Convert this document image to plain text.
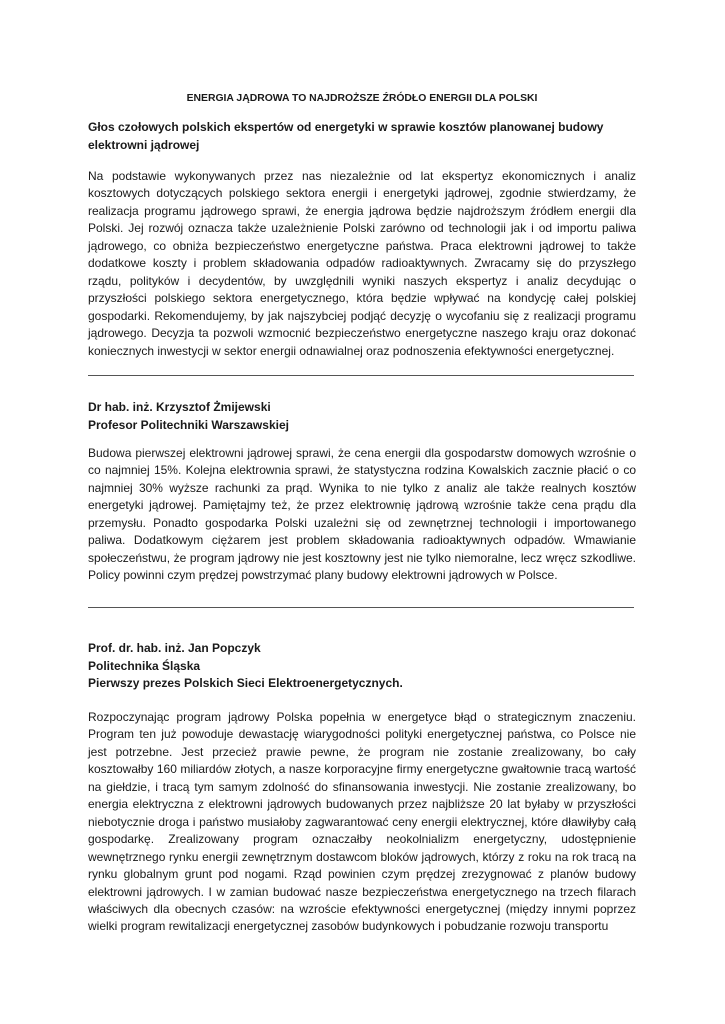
ENERGIA JĄDROWA TO NAJDROŻSZE ŹRÓDŁO ENERGII DLA POLSKI

Głos czołowych polskich ekspertów od energetyki w sprawie kosztów planowanej budowy
elektrowni jądrowej

Na podstawie wykonywanych przez nas niezależnie od lat ekspertyz ekonomicznych i analiz kosztowych dotyczących polskiego sektora energii i energetyki jądrowej, zgodnie stwierdzamy, że realizacja programu jądrowego sprawi, że energia jądrowa będzie najdroższym źródłem energii dla Polski. Jej rozwój oznacza także uzależnienie Polski zarówno od technologii jak i od importu paliwa jądrowego, co obniża bezpieczeństwo energetyczne państwa. Praca elektrowni jądrowej to także dodatkowe koszty i problem składowania odpadów radioaktywnych. Zwracamy się do przyszłego rządu, polityków i decydentów, by uwzględnili wyniki naszych ekspertyz i analiz decydując o przyszłości polskiego sektora energetycznego, która będzie wpływać na kondycję całej polskiej gospodarki. Rekomendujemy, by jak najszybciej podjąć decyzję o wycofaniu się z realizacji programu jądrowego. Decyzja ta pozwoli wzmocnić bezpieczeństwo energetyczne naszego kraju oraz dokonać koniecznych inwestycji w sektor energii odnawialnej oraz podnoszenia efektywności energetycznej.

Dr hab. inż. Krzysztof Żmijewski
Profesor Politechniki Warszawskiej

Budowa pierwszej elektrowni jądrowej sprawi, że cena energii dla gospodarstw domowych wzrośnie o co najmniej 15%. Kolejna elektrownia sprawi, że statystyczna rodzina Kowalskich zacznie płacić o co najmniej 30% wyższe rachunki za prąd. Wynika to nie tylko z analiz ale także realnych kosztów energetyki jądrowej. Pamiętajmy też, że przez elektrownię jądrową wzrośnie także cena prądu dla przemysłu. Ponadto gospodarka Polski uzależni się od zewnętrznej technologii i importowanego paliwa. Dodatkowym ciężarem jest problem składowania radioaktywnych odpadów. Wmawianie społeczeństwu, że program jądrowy nie jest kosztowny jest nie tylko niemoralne, lecz wręcz szkodliwe. Policy powinni czym prędzej powstrzymać plany budowy elektrowni jądrowych w Polsce.

Prof. dr. hab. inż. Jan Popczyk
Politechnika Śląska
Pierwszy prezes Polskich Sieci Elektroenergetycznych.

Rozpoczynając program jądrowy Polska popełnia w energetyce błąd o strategicznym znaczeniu. Program ten już powoduje dewastację wiarygodności polityki energetycznej państwa, co Polsce nie jest potrzebne. Jest przecież prawie pewne, że program nie zostanie zrealizowany, bo cały kosztowałby 160 miliardów złotych, a nasze korporacyjne firmy energetyczne gwałtownie tracą wartość na giełdzie, i tracą tym samym zdolność do sfinansowania inwestycji. Nie zostanie zrealizowany, bo energia elektryczna z elektrowni jądrowych budowanych przez najbliższe 20 lat byłaby w przyszłości niebotycznie droga i państwo musiałoby zagwarantować ceny energii elektrycznej, które dławiłyby całą gospodarkę. Zrealizowany program oznaczałby neokolnializm energetyczny, udostępnienie wewnętrznego rynku energii zewnętrznym dostawcom bloków jądrowych, którzy z roku na rok tracą na rynku globalnym grunt pod nogami. Rząd powinien czym prędzej zrezygnować z planów budowy elektrowni jądrowych. I w zamian budować nasze bezpieczeństwa energetycznego na trzech filarach właściwych dla obecnych czasów: na wzroście efektywności energetycznej (między innymi poprzez wielki program rewitalizacji energetycznej zasobów budynkowych i pobudzanie rozwoju transportu
